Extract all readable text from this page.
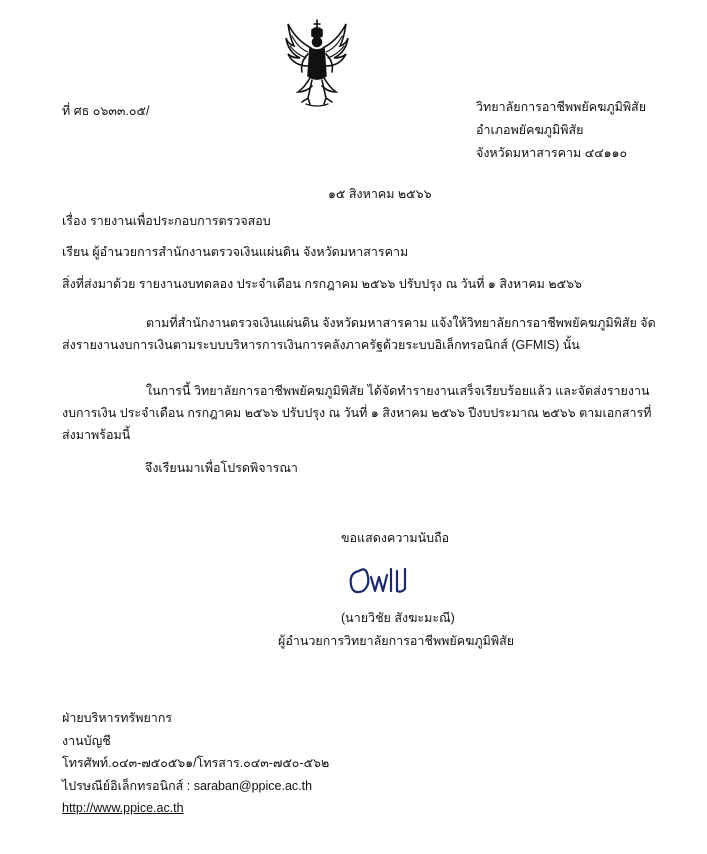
ที่ ศธ ๐๖๓๓.๐๕/	วิทยาลัยการอาชีพพยัคฆภูมิพิสัย
อำเภอพยัคฆภูมิพิสัย
จังหวัดมหาสารคาม ๔๔๑๑๐
๑๕ สิงหาคม ๒๕๖๖
เรื่อง รายงานเพื่อประกอบการตรวจสอบ
เรียน ผู้อำนวยการสำนักงานตรวจเงินแผ่นดิน จังหวัดมหาสารคาม
สิ่งที่ส่งมาด้วย รายงานงบทดลอง ประจำเดือน กรกฎาคม ๒๕๖๖ ปรับปรุง ณ วันที่ ๑ สิงหาคม ๒๕๖๖
ตามที่สำนักงานตรวจเงินแผ่นดิน จังหวัดมหาสารคาม แจ้งให้วิทยาลัยการอาชีพพยัคฆภูมิพิสัย จัดส่งรายงานงบการเงินตามระบบบริหารการเงินการคลังภาครัฐด้วยระบบอิเล็กทรอนิกส์ (GFMIS) นั้น
ในการนี้ วิทยาลัยการอาชีพพยัคฆภูมิพิสัย ได้จัดทำรายงานเสร็จเรียบร้อยแล้ว และจัดส่งรายงานงบการเงิน ประจำเดือน กรกฎาคม ๒๕๖๖ ปรับปรุง ณ วันที่ ๑ สิงหาคม ๒๕๖๖ ปีงบประมาณ ๒๕๖๖ ตามเอกสารที่ส่งมาพร้อมนี้
จึงเรียนมาเพื่อโปรดพิจารณา
ขอแสดงความนับถือ
(นายวิชัย สังฆะมะณี)
ผู้อำนวยการวิทยาลัยการอาชีพพยัคฆภูมิพิสัย
ฝ่ายบริหารทรัพยากร
งานบัญชี
โทรศัพท์.๐๔๓-๗๕๐๕๖๑/โทรสาร.๐๔๓-๗๕๐-๕๖๒
ไปรษณีย์อิเล็กทรอนิกส์ : saraban@ppice.ac.th
http://www.ppice.ac.th
